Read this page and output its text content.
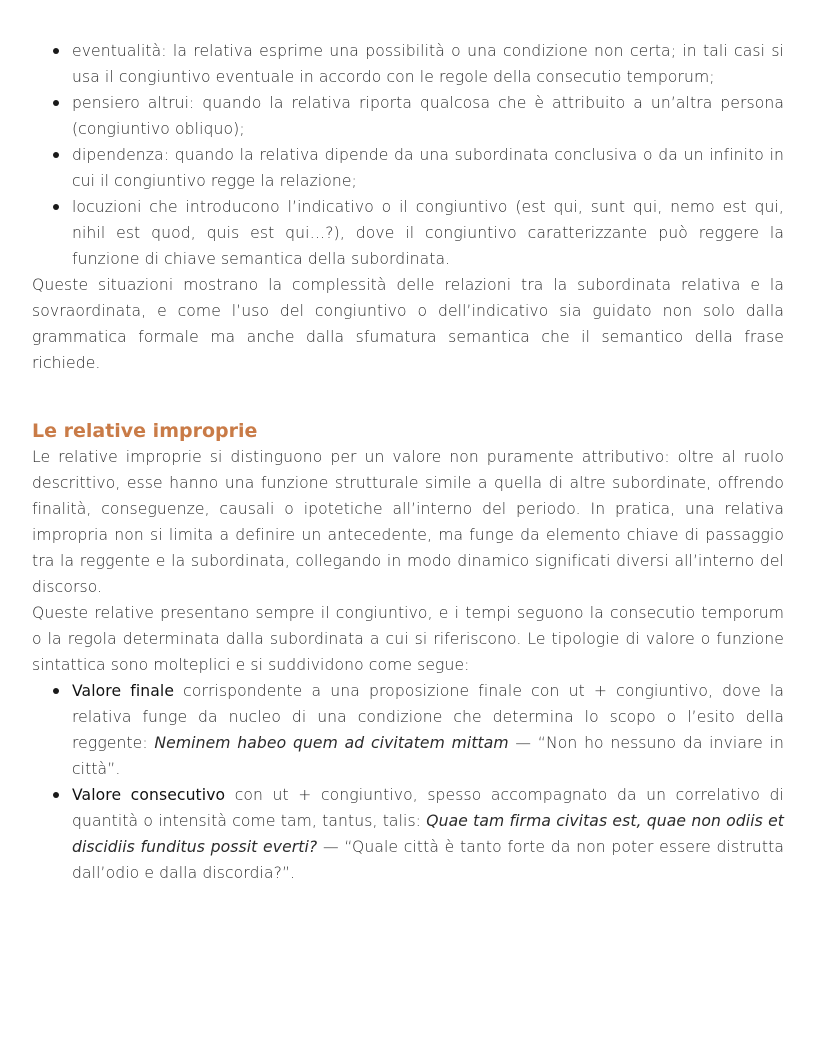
eventualità: la relativa esprime una possibilità o una condizione non certa; in tali casi si usa il congiuntivo eventuale in accordo con le regole della consecutio temporum;
pensiero altrui: quando la relativa riporta qualcosa che è attribuito a un’altra persona (congiuntivo obliquo);
dipendenza: quando la relativa dipende da una subordinata conclusiva o da un infinito in cui il congiuntivo regge la relazione;
locuzioni che introducono l’indicativo o il congiuntivo (est qui, sunt qui, nemo est qui, nihil est quod, quis est qui…?), dove il congiuntivo caratterizzante può reggere la funzione di chiave semantica della subordinata.

Queste situazioni mostrano la complessità delle relazioni tra la subordinata relativa e la sovraordinata, e come l’uso del congiuntivo o dell’indicativo sia guidato non solo dalla grammatica formale ma anche dalla sfumatura semantica che il semantico della frase richiede.

Le relative improprie

Le relative improprie si distinguono per un valore non puramente attributivo: oltre al ruolo descrittivo, esse hanno una funzione strutturale simile a quella di altre subordinate, offrendo finalità, conseguenze, causali o ipotetiche all’interno del periodo. In pratica, una relativa impropria non si limita a definire un antecedente, ma funge da elemento chiave di passaggio tra la reggente e la subordinata, collegando in modo dinamico significati diversi all’interno del discorso.

Queste relative presentano sempre il congiuntivo, e i tempi seguono la consecutio temporum o la regola determinata dalla subordinata a cui si riferiscono. Le tipologie di valore o funzione sintattica sono molteplici e si suddividono come segue:

Valore finale corrispondente a una proposizione finale con ut + congiuntivo, dove la relativa funge da nucleo di una condizione che determina lo scopo o l’esito della reggente: Neminem habeo quem ad civitatem mittam — “Non ho nessuno da inviare in città”.
Valore consecutivo con ut + congiuntivo, spesso accompagnato da un correlativo di quantità o intensità come tam, tantus, talis: Quae tam firma civitas est, quae non odiis et discidiis funditus possit everti? — “Quale città è tanto forte da non poter essere distrutta dall’odio e dalla discordia?”.
